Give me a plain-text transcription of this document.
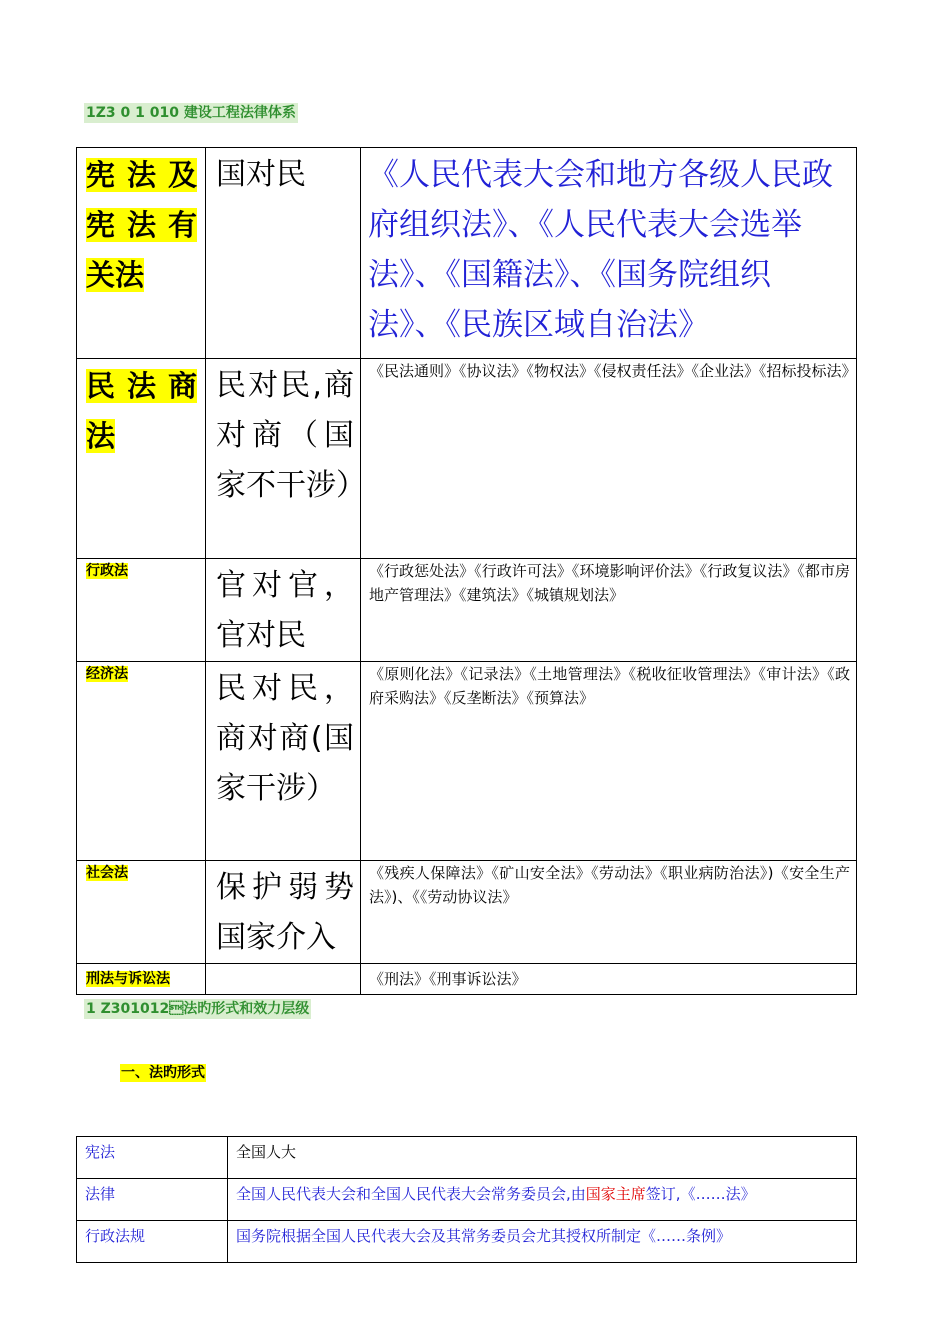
1Z3 0 1 010 建设工程法律体系
宪法及宪法有关法	国对民	《人民代表大会和地方各级人民政府组织法》、《人民代表大会选举法》、《国籍法》、《国务院组织法》、《民族区域自治法》

民法商法	民对民,商对商（国家不干涉）	《民法通则》《协议法》《物权法》《侵权责任法》《企业法》《招标投标法》

行政法	官对官，官对民	《行政惩处法》《行政许可法》《环境影响评价法》《行政复议法》《都市房地产管理法》《建筑法》《城镇规划法》

经济法	民对民，商对商(国家干涉）	《原则化法》《记录法》《土地管理法》《税收征收管理法》《审计法》《政府采购法》《反垄断法》《预算法》

社会法	保护弱势国家介入	《残疾人保障法》《矿山安全法》《劳动法》《职业病防治法》)《安全生产法》)、《《劳动协议法》

刑法与诉讼法		《刑法》《刑事诉讼法》
1 Z301012法旳形式和效力层级
一、法旳形式
宪法	全国人大
法律	全国人民代表大会和全国人民代表大会常务委员会,由国家主席签订,《……法》
行政法规	国务院根据全国人民代表大会及其常务委员会尤其授权所制定《……条例》
